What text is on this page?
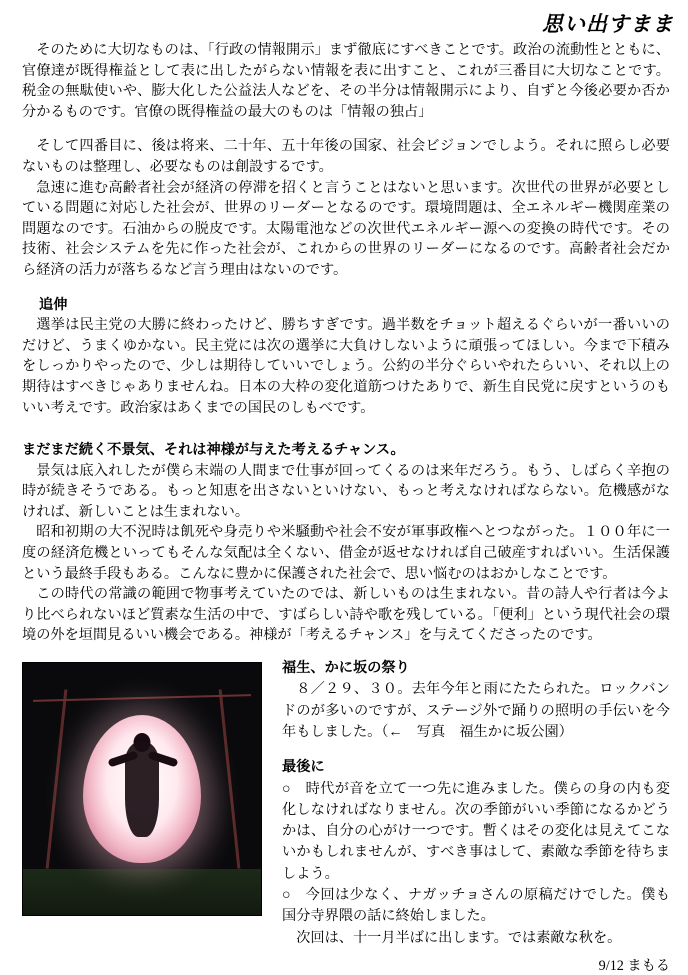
思い出すまま

そのために大切なものは、「行政の情報開示」まず徹底にすべきことです。政治の流動性とともに、官僚達が既得権益として表に出したがらない情報を表に出すこと、これが三番目に大切なことです。税金の無駄使いや、膨大化した公益法人などを、その半分は情報開示により、自ずと今後必要か否か分かるものです。官僚の既得権益の最大のものは「情報の独占」

そして四番目に、後は将来、二十年、五十年後の国家、社会ビジョンでしよう。それに照らし必要ないものは整理し、必要なものは創設するです。

急速に進む高齢者社会が経済の停滞を招くと言うことはないと思います。次世代の世界が必要としている問題に対応した社会が、世界のリーダーとなるのです。環境問題は、全エネルギー機関産業の問題なのです。石油からの脱皮です。太陽電池などの次世代エネルギー源への変換の時代です。その技術、社会システムを先に作った社会が、これからの世界のリーダーになるのです。高齢者社会だから経済の活力が落ちるなど言う理由はないのです。

追伸

選挙は民主党の大勝に終わったけど、勝ちすぎです。過半数をチョット超えるぐらいが一番いいのだけど、うまくゆかない。民主党には次の選挙に大負けしないように頑張ってほしい。今まで下積みをしっかりやったので、少しは期待していいでしょう。公約の半分ぐらいやれたらいい、それ以上の期待はすべきじゃありませんね。日本の大枠の変化道筋つけたありで、新生自民党に戻すというのもいい考えです。政治家はあくまでの国民のしもべです。

まだまだ続く不景気、それは神様が与えた考えるチャンス。

景気は底入れしたが僕ら末端の人間まで仕事が回ってくるのは来年だろう。もう、しばらく辛抱の時が続きそうである。もっと知恵を出さないといけない、もっと考えなければならない。危機感がなければ、新しいことは生まれない。

昭和初期の大不況時は飢死や身売りや米騒動や社会不安が軍事政権へとつながった。１００年に一度の経済危機といってもそんな気配は全くない、借金が返せなければ自己破産すればいい。生活保護という最終手段もある。こんなに豊かに保護された社会で、思い悩むのはおかしなことです。

この時代の常識の範囲で物事考えていたのでは、新しいものは生まれない。昔の詩人や行者は今より比べられないほど質素な生活の中で、すばらしい詩や歌を残している。「便利」という現代社会の環境の外を垣間見るいい機会である。神様が「考えるチャンス」を与えてくださったのです。

福生、かに坂の祭り

８／２９、３０。去年今年と雨にたたられた。ロックバンドのが多いのですが、ステージ外で踊りの照明の手伝いを今年もしました。（←　写真　福生かに坂公園）

最後に

○　時代が音を立て一つ先に進みました。僕らの身の内も変化しなければなりません。次の季節がいい季節になるかどうかは、自分の心がけ一つです。暫くはその変化は見えてこないかもしれませんが、すべき事はして、素敵な季節を待ちましよう。

○　今回は少なく、ナガッチョさんの原稿だけでした。僕も国分寺界隈の話に終始しました。

次回は、十一月半ばに出します。では素敵な秋を。

9/12 まもる
